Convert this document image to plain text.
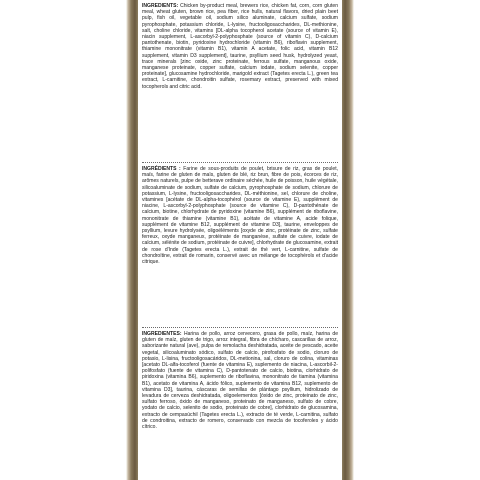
INGREDIENTS: Chicken by-product meal, brewers rice, chicken fat, corn, corn gluten meal, wheat gluten, brown rice, pea fiber, rice hulls, natural flavors, dried plain beet pulp, fish oil, vegetable oil, sodium silico aluminate, calcium sulfate, sodium pyrophosphate, potassium chloride, L-lysine, fructooligosaccharides, DL-methionine, salt, choline chloride, vitamins [DL-alpha tocopherol acetate (source of vitamin E), niacin supplement, L-ascorbyl-2-polyphosphate (source of vitamin C), D-calcium pantothenate, biotin, pyridoxine hydrochloride (vitamin B6), riboflavin supplement, thiamine mononitrate (vitamin B1), vitamin A acetate, folic acid, vitamin B12 supplement, vitamin D3 supplement], taurine, psyllium seed husk, hydrolyzed yeast, trace minerals [zinc oxide, zinc proteinate, ferrous sulfate, manganous oxide, manganese proteinate, copper sulfate, calcium iodate, sodium selenite, copper proteinate], glucosamine hydrochloride, marigold extract (Tagetes erecta L.), green tea extract, L-carnitine, chondroitin sulfate, rosemary extract, preserved with mixed tocopherols and citric acid.
INGRÉDIENTS : Farine de sous-produits de poulet, brisure de riz, gras de poulet, maïs, farine de gluten de maïs, gluten de blé, riz brun, fibre de pois, écorces de riz, arômes naturels, pulpe de betterave ordinaire séchée, huile de poisson, huile végétale, silicoaluminate de sodium, sulfate de calcium, pyrophosphate de sodium, chlorure de potassium, L-lysine, fructooligosaccharides, DL-méthionine, sel, chlorure de choline, vitamines [acétate de DL-alpha-tocophérol (source de vitamine E), supplément de niacine, L-ascorbyl-2-polyphosphate (source de vitamine C), D-pantothénate de calcium, biotine, chlorhydrate de pyridoxine (vitamine B6), supplément de riboflavine, mononitrate de thiamine (vitamine B1), acétate de vitamine A, acide folique, supplément de vitamine B12, supplément de vitamine D3], taurine, enveloppes de psyllium, levure hydrolysée, oligoéléments [oxyde de zinc, protéinate de zinc, sulfate ferreux, oxyde manganeux, protéinate de manganèse, sulfate de cuivre, iodate de calcium, sélénite de sodium, protéinate de cuivre], chlorhydrate de glucosamine, extrait de rose d'Inde (Tagetes erecta L.), extrait de thé vert, L-carnitine, sulfate de chondroïtine, extrait de romarin, conservé avec un mélange de tocophérols et d'acide citrique.
INGREDIENTES: Harina de pollo, arroz cervecero, grasa de pollo, maíz, harina de gluten de maíz, gluten de trigo, arroz integral, fibra de chícharo, cascarillas de arroz, saborizante natural (ave), pulpa de remolacha deshidratada, aceite de pescado, aceite vegetal, silicoaluminato sódico, sulfato de calcio, pirofosfato de sodio, cloruro de potasio, L-lisina, fructooligosacáridos, DL-metionina, sal, cloruro de colina, vitaminas [acetato DL-alfa-tocoferol (fuente de vitamina E), suplemento de niacina, L-ascorbil-2-polifosfato (fuente de vitamina C), D-pantotenato de calcio, biotina, clorhidrato de piridoxina (vitamina B6), suplemento de riboflavina, mononitrato de tiamina (vitamina B1), acetato de vitamina A, ácido fólico, suplemento de vitamina B12, suplemento de vitamina D3], taurina, cáscaras de semillas de plántago psyllium, hidrolizado de levadura de cerveza deshidratada, oligoelementos [óxido de zinc, proteinato de zinc, sulfato ferroso, óxido de manganeso, proteinato de manganeso, sulfato de cobre, yodato de calcio, selenito de sodio, proteinato de cobre], clorhidrato de glucosamina, extracto de cempasúchil (Tagetes erecta L.), extracto de té verde, L-carnitina, sulfato de condroitina, extracto de romero, conservado con mezcla de tocoferoles y ácido cítrico.
